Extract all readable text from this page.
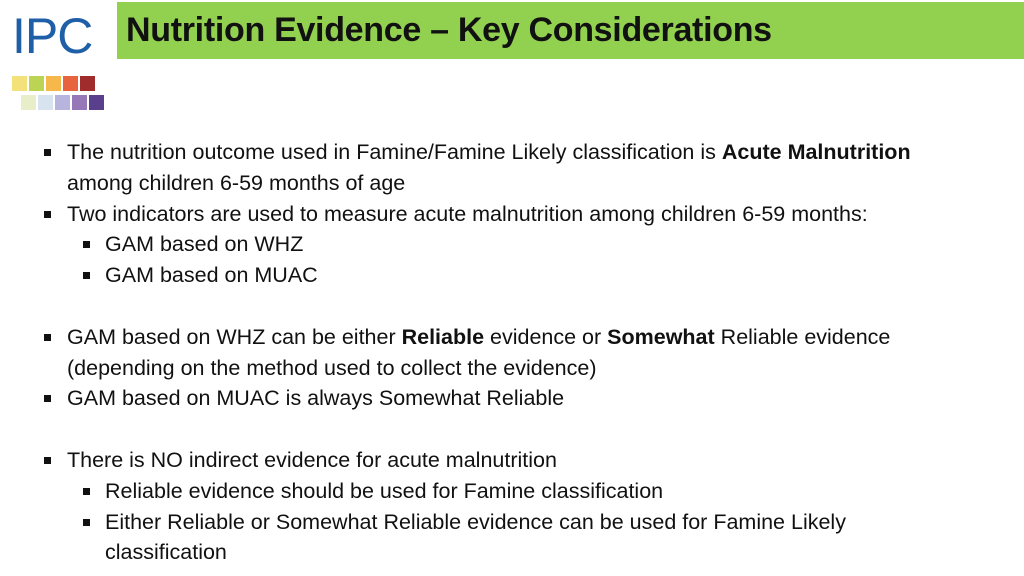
IPC Nutrition Evidence – Key Considerations
The nutrition outcome used in Famine/Famine Likely classification is Acute Malnutrition
among children 6-59 months of age
Two indicators are used to measure acute malnutrition among children 6-59 months:
GAM based on WHZ
GAM based on MUAC
GAM based on WHZ can be either Reliable evidence or Somewhat Reliable evidence
(depending on the method used to collect the evidence)
GAM based on MUAC is always Somewhat Reliable
There is NO indirect evidence for acute malnutrition
Reliable evidence should be used for Famine classification
Either Reliable or Somewhat Reliable evidence can be used for Famine Likely
classification
